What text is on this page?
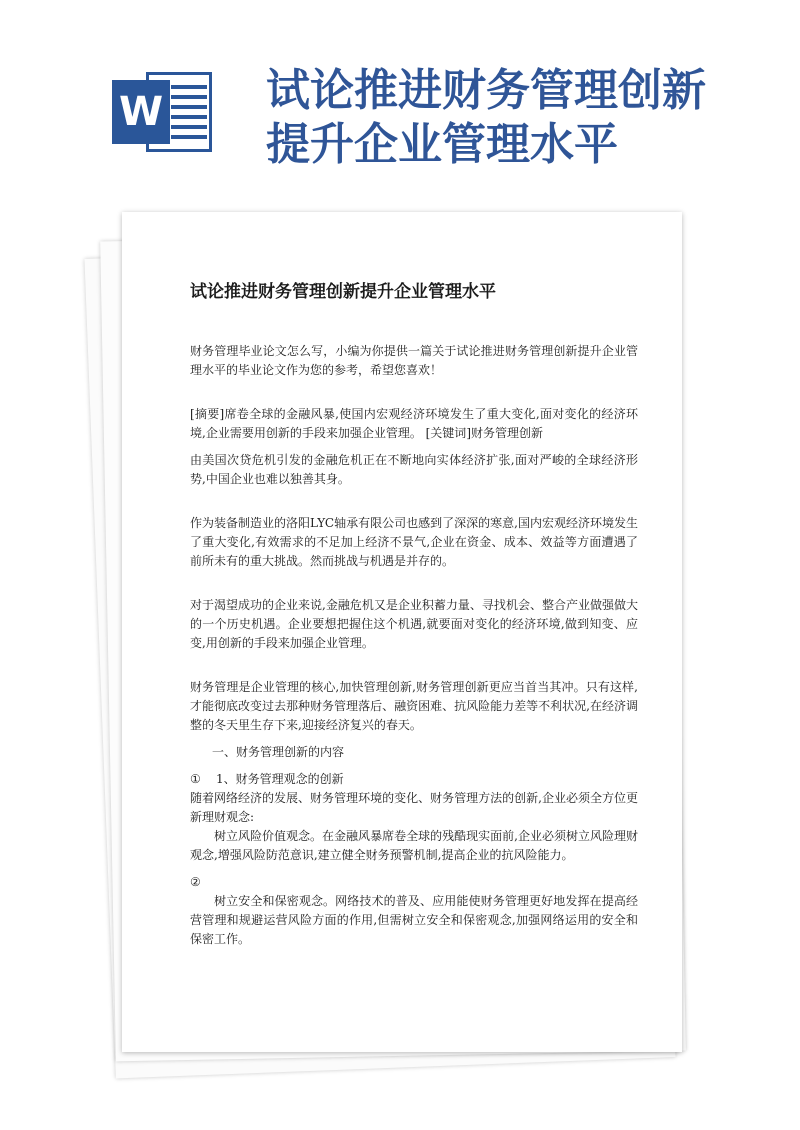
W 试论推进财务管理创新
提升企业管理水平
试论推进财务管理创新提升企业管理水平

财务管理毕业论文怎么写，小编为你提供一篇关于试论推进财务管理创新提升企业管理水平的毕业论文作为您的参考，希望您喜欢！

[摘要]席卷全球的金融风暴,使国内宏观经济环境发生了重大变化,面对变化的经济环境,企业需要用创新的手段来加强企业管理。 [关键词]财务管理创新

由美国次贷危机引发的金融危机正在不断地向实体经济扩张,面对严峻的全球经济形势,中国企业也难以独善其身。

作为装备制造业的洛阳LYC轴承有限公司也感到了深深的寒意,国内宏观经济环境发生了重大变化,有效需求的不足加上经济不景气,企业在资金、成本、效益等方面遭遇了前所未有的重大挑战。然而挑战与机遇是并存的。

对于渴望成功的企业来说,金融危机又是企业积蓄力量、寻找机会、整合产业做强做大的一个历史机遇。企业要想把握住这个机遇,就要面对变化的经济环境,做到知变、应变,用创新的手段来加强企业管理。

财务管理是企业管理的核心,加快管理创新,财务管理创新更应当首当其冲。只有这样,才能彻底改变过去那种财务管理落后、融资困难、抗风险能力差等不利状况,在经济调整的冬天里生存下来,迎接经济复兴的春天。

一、财务管理创新的内容

① 1、财务管理观念的创新

随着网络经济的发展、财务管理环境的变化、财务管理方法的创新,企业必须全方位更新理财观念:

树立风险价值观念。在金融风暴席卷全球的残酷现实面前,企业必须树立风险理财观念,增强风险防范意识,建立健全财务预警机制,提高企业的抗风险能力。

②

树立安全和保密观念。网络技术的普及、应用能使财务管理更好地发挥在提高经营管理和规避运营风险方面的作用,但需树立安全和保密观念,加强网络运用的安全和保密工作。
